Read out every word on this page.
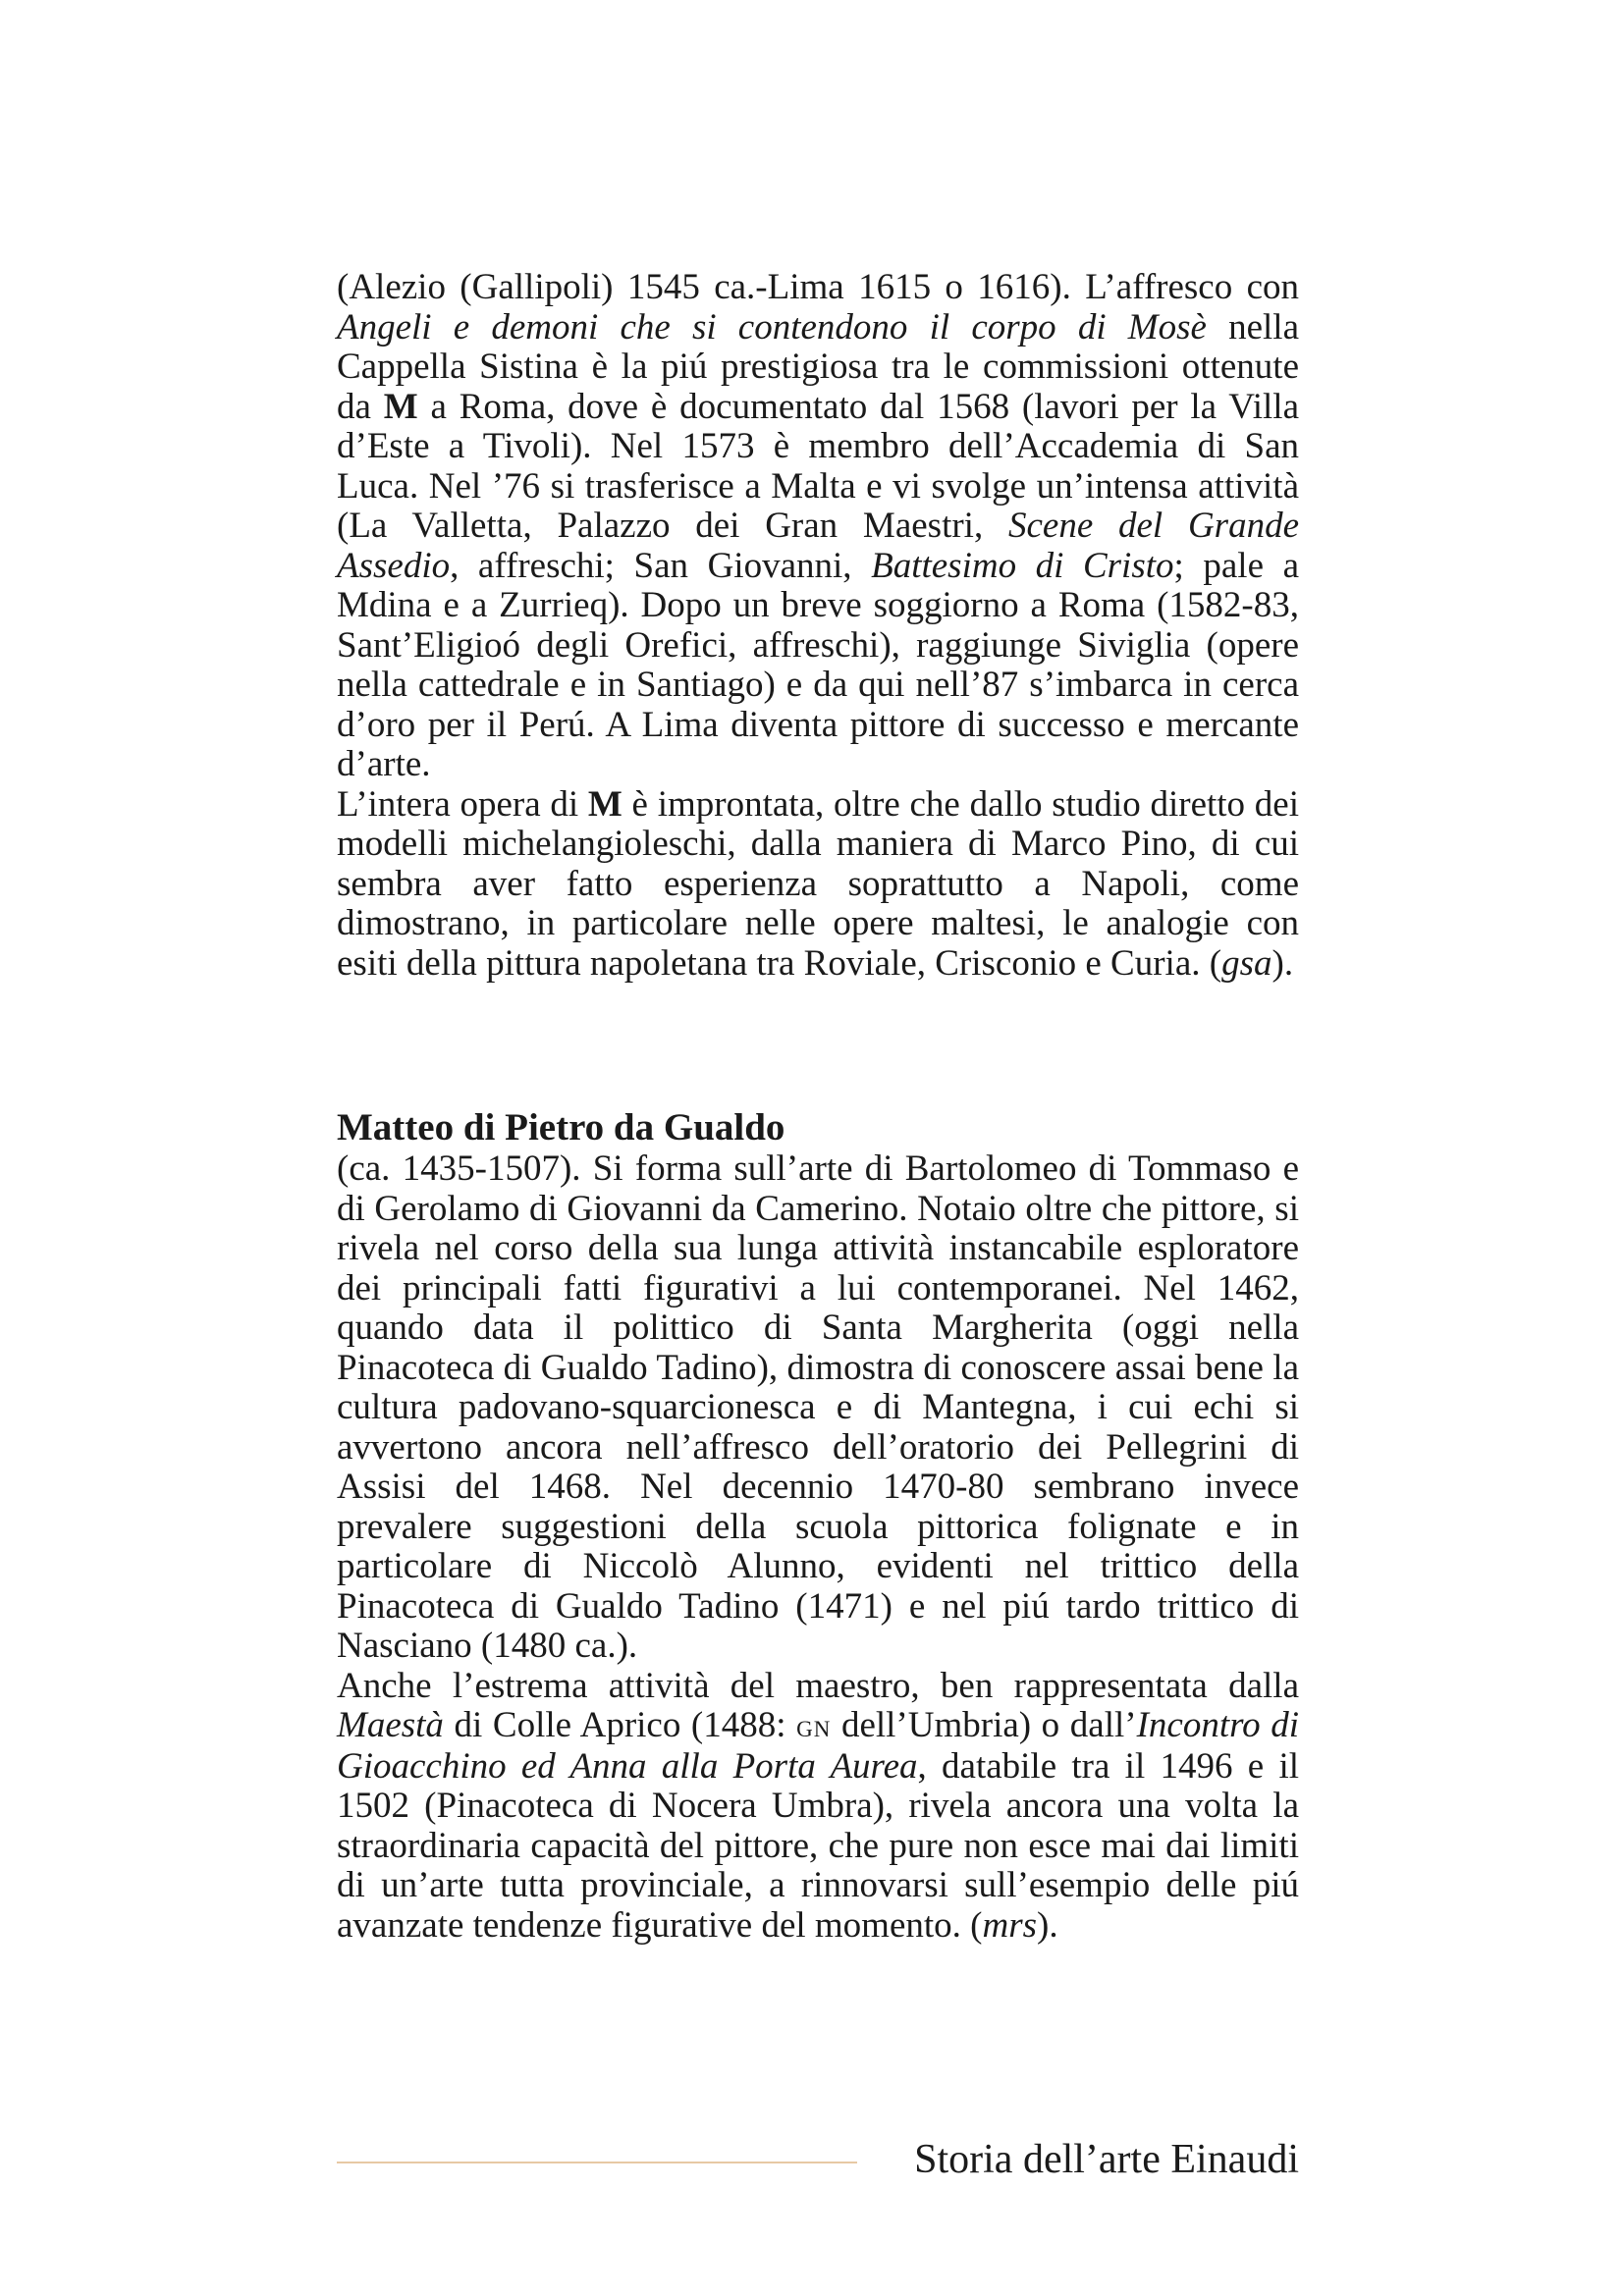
(Alezio (Gallipoli) 1545 ca.-Lima 1615 o 1616). L’affresco con Angeli e demoni che si contendono il corpo di Mosè nella Cappella Sistina è la piú prestigiosa tra le commissioni ottenute da M a Roma, dove è documentato dal 1568 (lavori per la Villa d’Este a Tivoli). Nel 1573 è membro dell’Accademia di San Luca. Nel ’76 si trasferisce a Malta e vi svolge un’intensa attività (La Valletta, Palazzo dei Gran Maestri, Scene del Grande Assedio, affreschi; San Giovanni, Battesimo di Cristo; pale a Mdina e a Zurrieq). Dopo un breve soggiorno a Roma (1582-83, Sant’Eligioó degli Orefici, affreschi), raggiunge Siviglia (opere nella cattedrale e in Santiago) e da qui nell’87 s’imbarca in cerca d’oro per il Perú. A Lima diventa pittore di successo e mercante d’arte.

L’intera opera di M è improntata, oltre che dallo studio diretto dei modelli michelangioleschi, dalla maniera di Marco Pino, di cui sembra aver fatto esperienza soprattutto a Napoli, come dimostrano, in particolare nelle opere maltesi, le analogie con esiti della pittura napoletana tra Roviale, Crisconio e Curia. (gsa).

Matteo di Pietro da Gualdo

(ca. 1435-1507). Si forma sull’arte di Bartolomeo di Tommaso e di Gerolamo di Giovanni da Camerino. Notaio oltre che pittore, si rivela nel corso della sua lunga attività instancabile esploratore dei principali fatti figurativi a lui contemporanei. Nel 1462, quando data il polittico di Santa Margherita (oggi nella Pinacoteca di Gualdo Tadino), dimostra di conoscere assai bene la cultura padovano-squarcionesca e di Mantegna, i cui echi si avvertono ancora nell’affresco dell’oratorio dei Pellegrini di Assisi del 1468. Nel decennio 1470-80 sembrano invece prevalere suggestioni della scuola pittorica folignate e in particolare di Niccolò Alunno, evidenti nel trittico della Pinacoteca di Gualdo Tadino (1471) e nel piú tardo trittico di Nasciano (1480 ca.).

Anche l’estrema attività del maestro, ben rappresentata dalla Maestà di Colle Aprico (1488: gn dell’Umbria) o dall’Incontro di Gioacchino ed Anna alla Porta Aurea, databile tra il 1496 e il 1502 (Pinacoteca di Nocera Umbra), rivela ancora una volta la straordinaria capacità del pittore, che pure non esce mai dai limiti di un’arte tutta provinciale, a rinnovarsi sull’esempio delle piú avanzate tendenze figurative del momento. (mrs).

Storia dell’arte Einaudi
